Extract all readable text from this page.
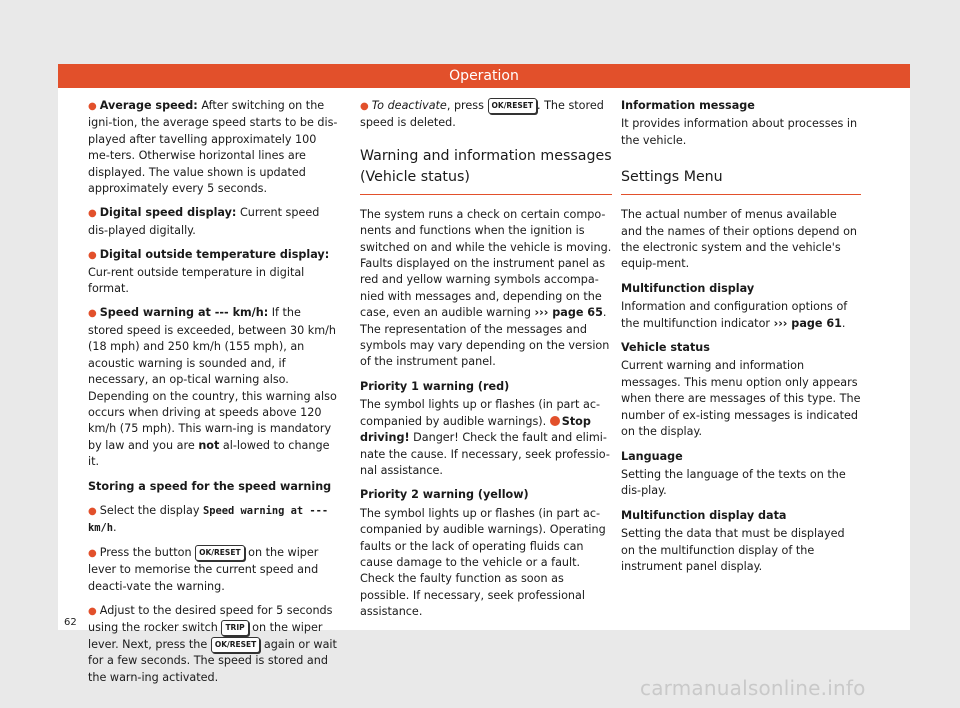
Operation

● Average speed: After switching on the igni-tion, the average speed starts to be dis-played after tavelling approximately 100 me-ters. Otherwise horizontal lines are displayed. The value shown is updated approximately every 5 seconds.

● Digital speed display: Current speed dis-played digitally.

● Digital outside temperature display: Cur-rent outside temperature in digital format.

● Speed warning at --- km/h: If the stored speed is exceeded, between 30 km/h (18 mph) and 250 km/h (155 mph), an acoustic warning is sounded and, if necessary, an op-tical warning also. Depending on the country, this warning also occurs when driving at speeds above 120 km/h (75 mph). This warn-ing is mandatory by law and you are not al-lowed to change it.

Storing a speed for the speed warning

● Select the display Speed warning at --- km/h.

● Press the button OK/RESET on the wiper lever to memorise the current speed and deacti-vate the warning.

● Adjust to the desired speed for 5 seconds using the rocker switch TRIP on the wiper lever. Next, press the OK/RESET again or wait for a few seconds. The speed is stored and the warn-ing activated.

● To deactivate, press OK/RESET . The stored speed is deleted.

Warning and information messages (Vehicle status)

The system runs a check on certain compo-nents and functions when the ignition is switched on and while the vehicle is moving. Faults displayed on the instrument panel as red and yellow warning symbols accompa-nied with messages and, depending on the case, even an audible warning ››› page 65. The representation of the messages and symbols may vary depending on the version of the instrument panel.

Priority 1 warning (red)

The symbol lights up or flashes (in part ac-companied by audible warnings). Stop driving! Danger! Check the fault and elimi-nate the cause. If necessary, seek professio-nal assistance.

Priority 2 warning (yellow)

The symbol lights up or flashes (in part ac-companied by audible warnings). Operating faults or the lack of operating fluids can cause damage to the vehicle or a fault. Check the faulty function as soon as possible. If necessary, seek professional assistance.

Information message

It provides information about processes in the vehicle.

Settings Menu

The actual number of menus available and the names of their options depend on the electronic system and the vehicle's equip-ment.

Multifunction display

Information and configuration options of the multifunction indicator ››› page 61.

Vehicle status

Current warning and information messages. This menu option only appears when there are messages of this type. The number of ex-isting messages is indicated on the display.

Language

Setting the language of the texts on the dis-play.

Multifunction display data

Setting the data that must be displayed on the multifunction display of the instrument panel display.

62
carmanualsonline.info
